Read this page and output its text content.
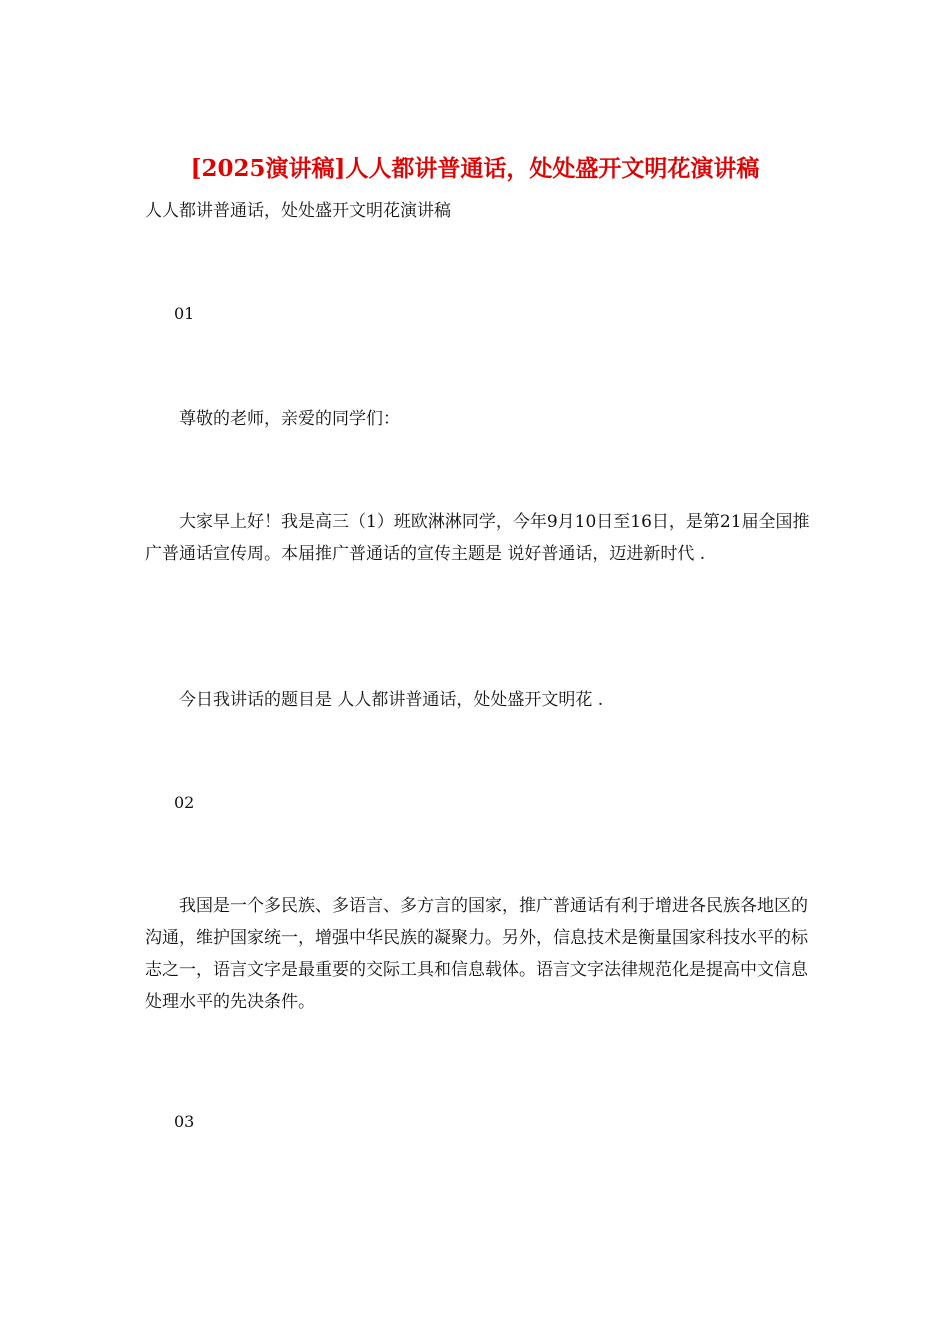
[2025演讲稿]人人都讲普通话，处处盛开文明花演讲稿

人人都讲普通话，处处盛开文明花演讲稿

01

尊敬的老师，亲爱的同学们：

大家早上好！我是高三（1）班欧淋淋同学，今年9月10日至16日，是第21届全国推广普通话宣传周。本届推广普通话的宣传主题是 说好普通话，迈进新时代 .

今日我讲话的题目是 人人都讲普通话，处处盛开文明花 .

02

我国是一个多民族、多语言、多方言的国家，推广普通话有利于增进各民族各地区的沟通，维护国家统一，增强中华民族的凝聚力。另外，信息技术是衡量国家科技水平的标志之一，语言文字是最重要的交际工具和信息载体。语言文字法律规范化是提高中文信息处理水平的先决条件。

03
